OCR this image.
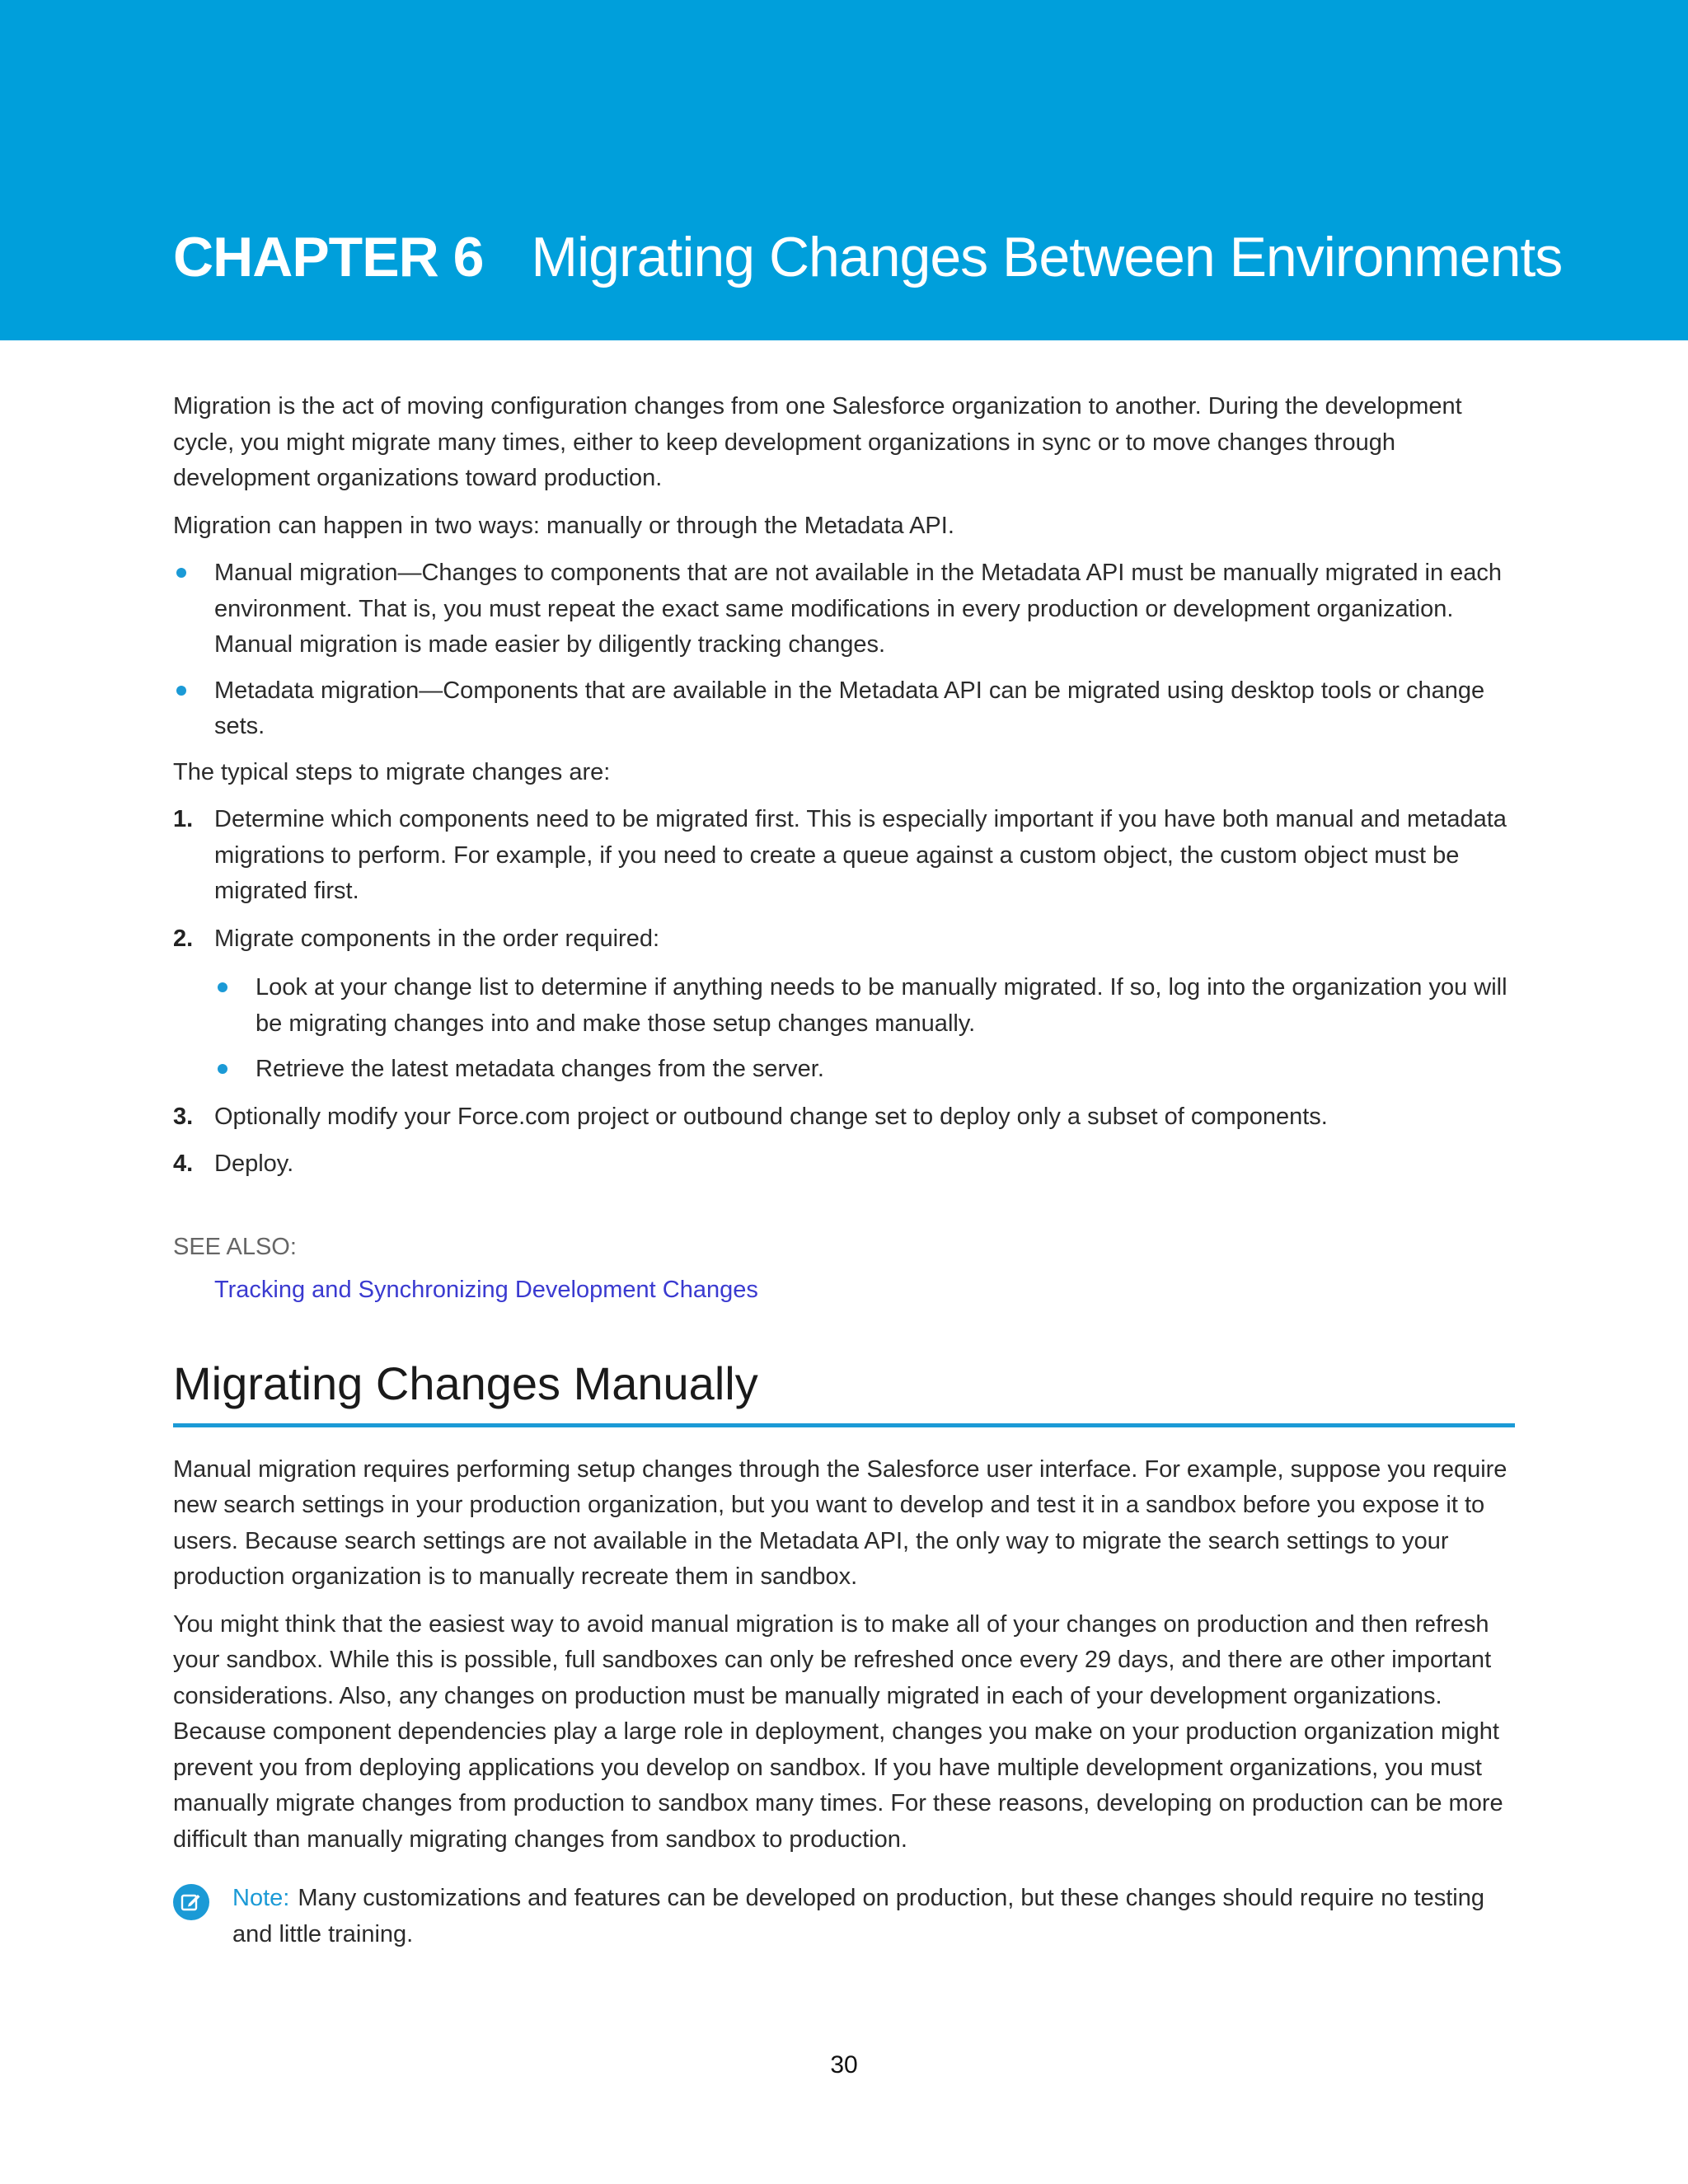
CHAPTER 6 Migrating Changes Between Environments

Migration is the act of moving configuration changes from one Salesforce organization to another. During the development cycle, you might migrate many times, either to keep development organizations in sync or to move changes through development organizations toward production.

Migration can happen in two ways: manually or through the Metadata API.

Manual migration—Changes to components that are not available in the Metadata API must be manually migrated in each environment. That is, you must repeat the exact same modifications in every production or development organization. Manual migration is made easier by diligently tracking changes.
Metadata migration—Components that are available in the Metadata API can be migrated using desktop tools or change sets.

The typical steps to migrate changes are:

1. Determine which components need to be migrated first. This is especially important if you have both manual and metadata migrations to perform. For example, if you need to create a queue against a custom object, the custom object must be migrated first.
2. Migrate components in the order required:
Look at your change list to determine if anything needs to be manually migrated. If so, log into the organization you will be migrating changes into and make those setup changes manually.
Retrieve the latest metadata changes from the server.
3. Optionally modify your Force.com project or outbound change set to deploy only a subset of components.
4. Deploy.
SEE ALSO:
Tracking and Synchronizing Development Changes
Migrating Changes Manually

Manual migration requires performing setup changes through the Salesforce user interface. For example, suppose you require new search settings in your production organization, but you want to develop and test it in a sandbox before you expose it to users. Because search settings are not available in the Metadata API, the only way to migrate the search settings to your production organization is to manually recreate them in sandbox.

You might think that the easiest way to avoid manual migration is to make all of your changes on production and then refresh your sandbox. While this is possible, full sandboxes can only be refreshed once every 29 days, and there are other important considerations. Also, any changes on production must be manually migrated in each of your development organizations. Because component dependencies play a large role in deployment, changes you make on your production organization might prevent you from deploying applications you develop on sandbox. If you have multiple development organizations, you must manually migrate changes from production to sandbox many times. For these reasons, developing on production can be more difficult than manually migrating changes from sandbox to production.

Note: Many customizations and features can be developed on production, but these changes should require no testing and little training.
30
